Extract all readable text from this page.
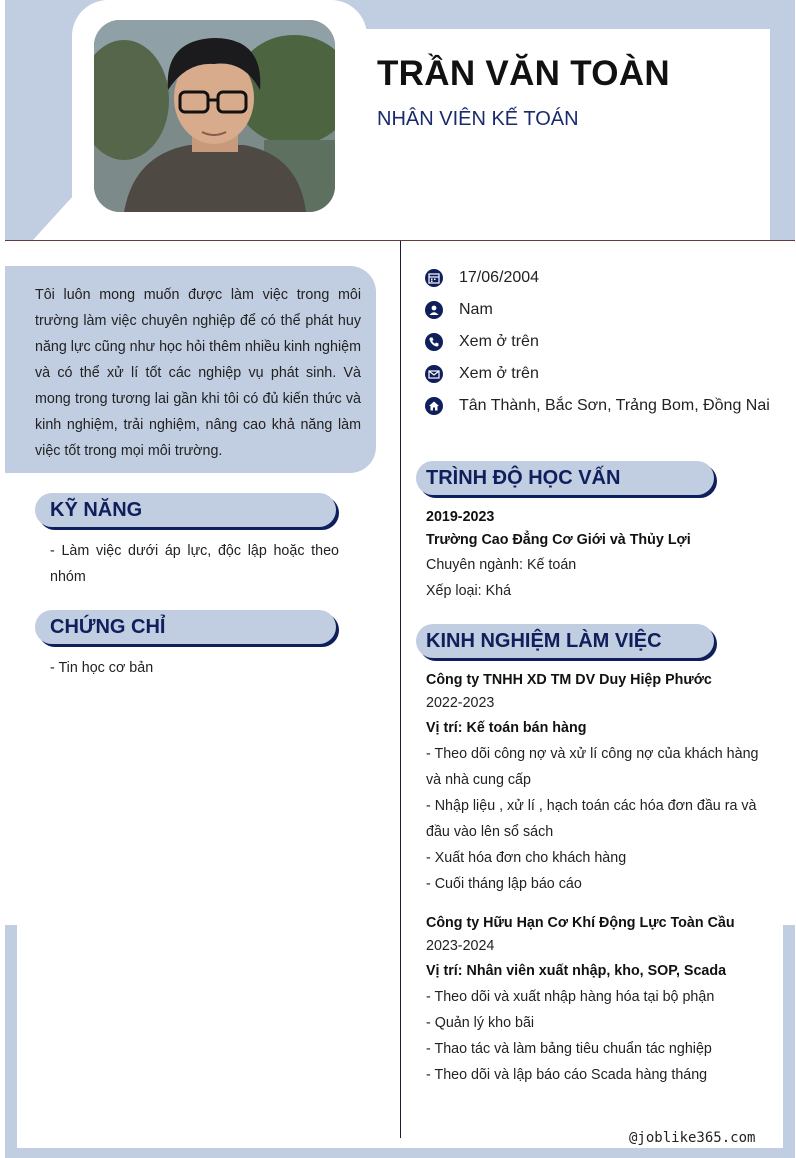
TRẦN VĂN TOÀN
NHÂN VIÊN KẾ TOÁN

Tôi luôn mong muốn được làm việc trong môi trường làm việc chuyên nghiệp để có thể phát huy năng lực cũng như học hỏi thêm nhiều kinh nghiệm và có thể xử lí tốt các nghiệp vụ phát sinh. Và mong trong tương lai gần khi tôi có đủ kiến thức và kinh nghiệm, trải nghiệm, nâng cao khả năng làm việc tốt trong mọi môi trường.

KỸ NĂNG
- Làm việc dưới áp lực, độc lập hoặc theo nhóm
CHỨNG CHỈ
- Tin học cơ bản
17/06/2004
Nam
Xem ở trên
Xem ở trên
Tân Thành, Bắc Sơn, Trảng Bom, Đồng Nai
TRÌNH ĐỘ HỌC VẤN
2019-2023
Trường Cao Đẳng Cơ Giới và Thủy Lợi
Chuyên ngành: Kế toán
Xếp loại: Khá
KINH NGHIỆM LÀM VIỆC
Công ty TNHH XD TM DV Duy Hiệp Phước
2022-2023
Vị trí: Kế toán bán hàng
- Theo dõi công nợ và xử lí công nợ của khách hàng
và nhà cung cấp
- Nhập liệu , xử lí , hạch toán các hóa đơn đầu ra và
đầu vào lên sổ sách
- Xuất hóa đơn cho khách hàng
- Cuối tháng lập báo cáo
Công ty Hữu Hạn Cơ Khí Động Lực Toàn Cầu
2023-2024
Vị trí: Nhân viên xuất nhập, kho, SOP, Scada
- Theo dõi và xuất nhập hàng hóa tại bộ phận
- Quản lý kho bãi
- Thao tác và làm bảng tiêu chuẩn tác nghiệp
- Theo dõi và lập báo cáo Scada hàng tháng
@joblike365.com
